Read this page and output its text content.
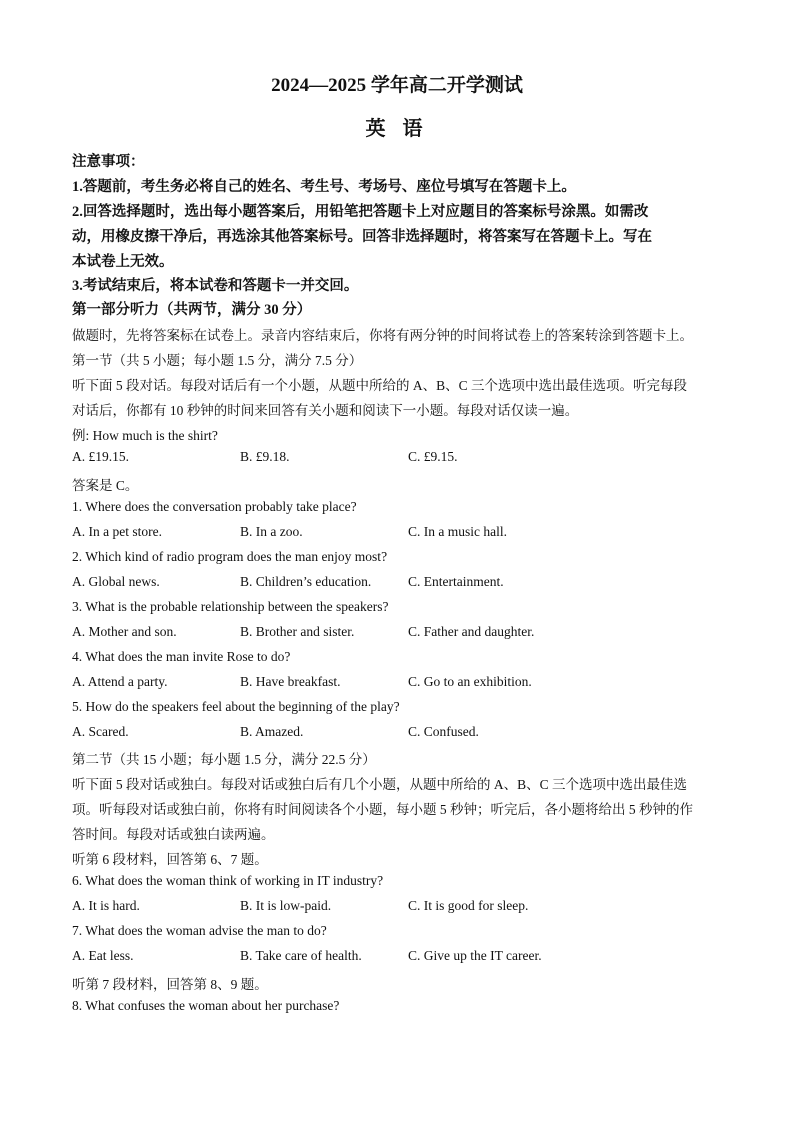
2024—2025 学年高二开学测试
英 语
注意事项：
1.答题前，考生务必将自己的姓名、考生号、考场号、座位号填写在答题卡上。
2.回答选择题时，选出每小题答案后，用铅笔把答题卡上对应题目的答案标号涂黑。如需改
动，用橡皮擦干净后，再选涂其他答案标号。回答非选择题时，将答案写在答题卡上。写在
本试卷上无效。
3.考试结束后，将本试卷和答题卡一并交回。
第一部分听力（共两节，满分 30 分）
做题时，先将答案标在试卷上。录音内容结束后，你将有两分钟的时间将试卷上的答案转涂到答题卡上。
第一节（共 5 小题；每小题 1.5 分，满分 7.5 分）
听下面 5 段对话。每段对话后有一个小题，从题中所给的 A、B、C 三个选项中选出最佳选项。听完每段
对话后，你都有 10 秒钟的时间来回答有关小题和阅读下一小题。每段对话仅读一遍。
例: How much is the shirt?
A. £19.15.	B. £9.18.	C. £9.15.
答案是 C。
1. Where does the conversation probably take place?
A. In a pet store.	B. In a zoo.	C. In a music hall.
2. Which kind of radio program does the man enjoy most?
A. Global news.	B. Children’s education.	C. Entertainment.
3. What is the probable relationship between the speakers?
A. Mother and son.	B. Brother and sister.	C. Father and daughter.
4. What does the man invite Rose to do?
A. Attend a party.	B. Have breakfast.	C. Go to an exhibition.
5. How do the speakers feel about the beginning of the play?
A. Scared.	B. Amazed.	C. Confused.
第二节（共 15 小题；每小题 1.5 分，满分 22.5 分）
听下面 5 段对话或独白。每段对话或独白后有几个小题，从题中所给的 A、B、C 三个选项中选出最佳选
项。听每段对话或独白前，你将有时间阅读各个小题，每小题 5 秒钟；听完后，各小题将给出 5 秒钟的作
答时间。每段对话或独白读两遍。
听第 6 段材料，回答第 6、7 题。
6. What does the woman think of working in IT industry?
A. It is hard.	B. It is low-paid.	C. It is good for sleep.
7. What does the woman advise the man to do?
A. Eat less.	B. Take care of health.	C. Give up the IT career.
听第 7 段材料，回答第 8、9 题。
8. What confuses the woman about her purchase?
